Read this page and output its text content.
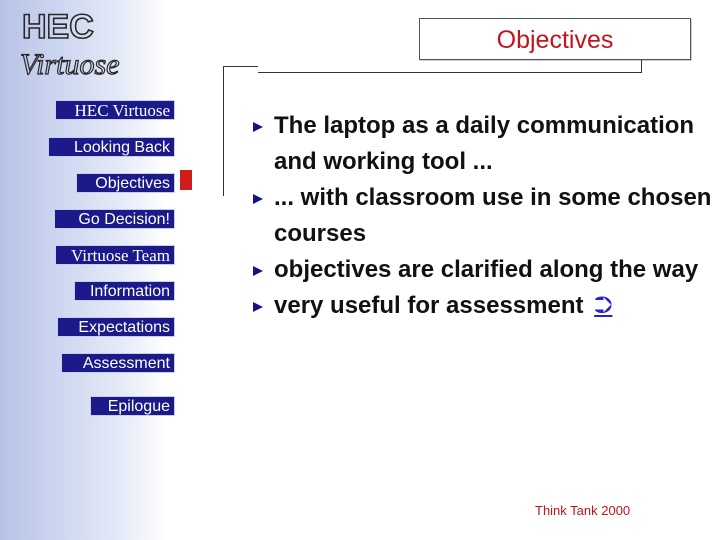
HEC
Virtuose
HEC Virtuose
Looking Back
Objectives
Go Decision!
Virtuose Team
Information
Expectations
Assessment
Epilogue
Objectives
The laptop as a daily communication and working tool ...
... with classroom use in some chosen courses
objectives are clarified along the way
very useful for assessment ⮊
Think Tank 2000
